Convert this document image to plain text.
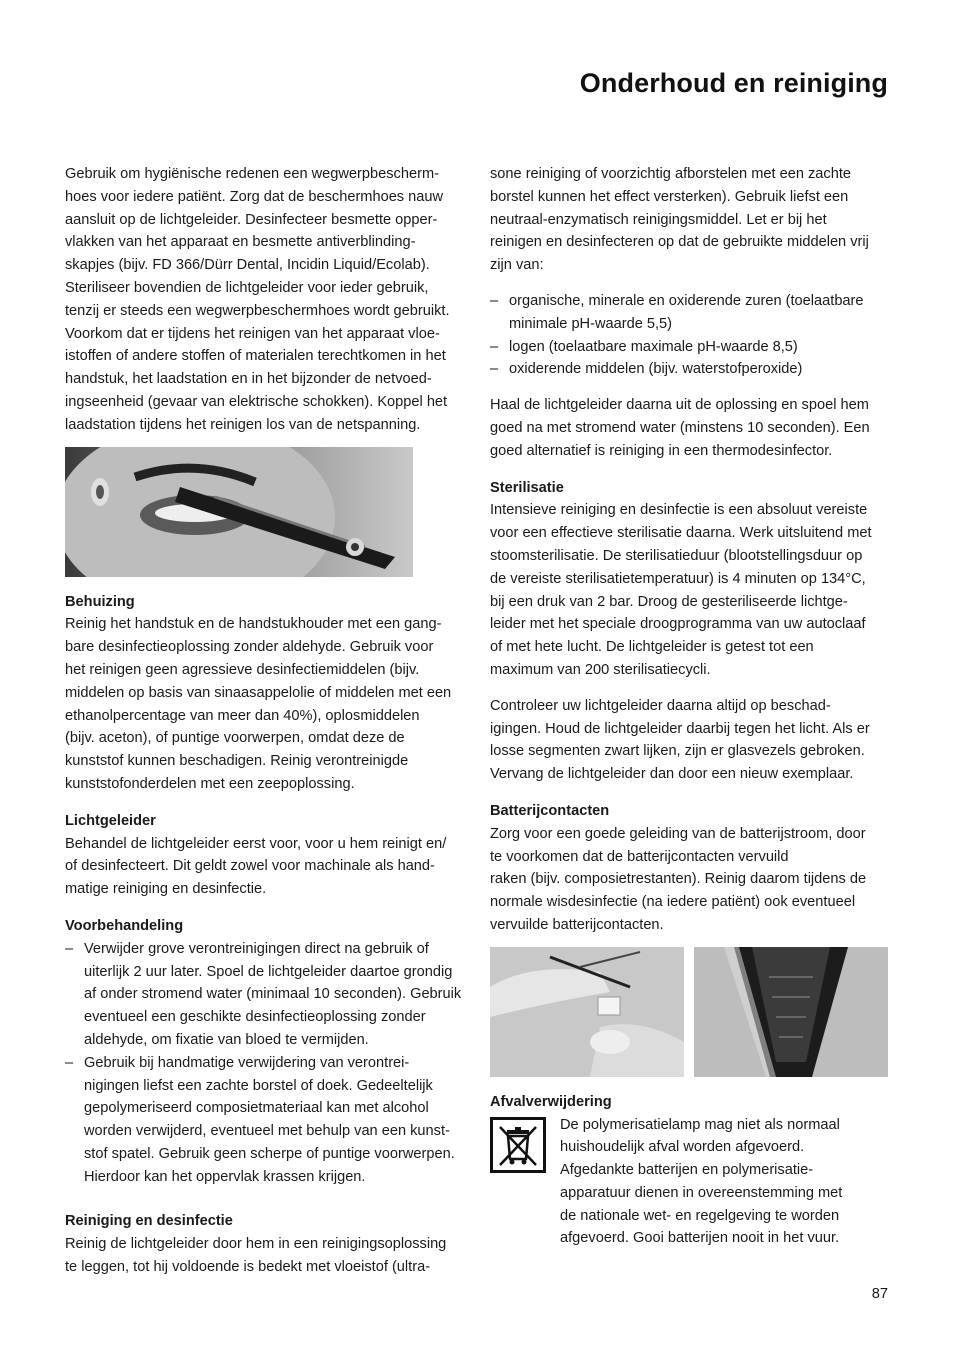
Onderhoud en reiniging

Gebruik om hygiënische redenen een wegwerpbescherm-
hoes voor iedere patiënt. Zorg dat de beschermhoes nauw
aansluit op de lichtgeleider. Desinfecteer besmette opper-
vlakken van het apparaat en besmette antiverblinding-
skapjes (bijv. FD 366/Dürr Dental, Incidin Liquid/Ecolab).
Steriliseer bovendien de lichtgeleider voor ieder gebruik,
tenzij er steeds een wegwerpbeschermhoes wordt gebruikt.
Voorkom dat er tijdens het reinigen van het apparaat vloe-
istoffen of andere stoffen of materialen terechtkomen in het
handstuk, het laadstation en in het bijzonder de netvoed-
ingseenheid (gevaar van elektrische schokken). Koppel het
laadstation tijdens het reinigen los van de netspanning.

Behuizing

Reinig het handstuk en de handstukhouder met een gang-
bare desinfectieoplossing zonder aldehyde. Gebruik voor
het reinigen geen agressieve desinfectiemiddelen (bijv.
middelen op basis van sinaasappelolie of middelen met een
ethanolpercentage van meer dan 40%), oplosmiddelen
(bijv. aceton), of puntige voorwerpen, omdat deze de
kunststof kunnen beschadigen. Reinig verontreinigde
kunststofonderdelen met een zeepoplossing.

Lichtgeleider

Behandel de lichtgeleider eerst voor, voor u hem reinigt en/
of desinfecteert. Dit geldt zowel voor machinale als hand-
matige reiniging en desinfectie.

Voorbehandeling

– Verwijder grove verontreinigingen direct na gebruik of
uiterlijk 2 uur later. Spoel de lichtgeleider daartoe grondig
af onder stromend water (minimaal 10 seconden). Gebruik
eventueel een geschikte desinfectieoplossing zonder
aldehyde, om fixatie van bloed te vermijden.
– Gebruik bij handmatige verwijdering van verontrei-
nigingen liefst een zachte borstel of doek. Gedeeltelijk
gepolymeriseerd composietmateriaal kan met alcohol
worden verwijderd, eventueel met behulp van een kunst-
stof spatel. Gebruik geen scherpe of puntige voorwerpen.
Hierdoor kan het oppervlak krassen krijgen.

Reiniging en desinfectie

Reinig de lichtgeleider door hem in een reinigingsoplossing
te leggen, tot hij voldoende is bedekt met vloeistof (ultra-

sone reiniging of voorzichtig afborstelen met een zachte
borstel kunnen het effect versterken). Gebruik liefst een
neutraal-enzymatisch reinigingsmiddel. Let er bij het
reinigen en desinfecteren op dat de gebruikte middelen vrij
zijn van:

– organische, minerale en oxiderende zuren (toelaatbare
minimale pH-waarde 5,5)
– logen (toelaatbare maximale pH-waarde 8,5)
– oxiderende middelen (bijv. waterstofperoxide)

Haal de lichtgeleider daarna uit de oplossing en spoel hem
goed na met stromend water (minstens 10 seconden). Een
goed alternatief is reiniging in een thermodesinfector.

Sterilisatie

Intensieve reiniging en desinfectie is een absoluut vereiste
voor een effectieve sterilisatie daarna. Werk uitsluitend met
stoomsterilisatie. De sterilisatieduur (blootstellingsduur op
de vereiste sterilisatietemperatuur) is 4 minuten op 134°C,
bij een druk van 2 bar. Droog de gesteriliseerde lichtge-
leider met het speciale droogprogramma van uw autoclaaf
of met hete lucht. De lichtgeleider is getest tot een
maximum van 200 sterilisatiecycli.

Controleer uw lichtgeleider daarna altijd op beschad-
igingen. Houd de lichtgeleider daarbij tegen het licht. Als er
losse segmenten zwart lijken, zijn er glasvezels gebroken.
Vervang de lichtgeleider dan door een nieuw exemplaar.

Batterijcontacten

Zorg voor een goede geleiding van de batterijstroom, door
te voorkomen dat de batterijcontacten vervuild
raken (bijv. composietrestanten). Reinig daarom tijdens de
normale wisdesinfectie (na iedere patiënt) ook eventueel
vervuilde batterijcontacten.

Afvalverwijdering

De polymerisatielamp mag niet als normaal
huishoudelijk afval worden afgevoerd.
Afgedankte batterijen en polymerisatie-
apparatuur dienen in overeenstemming met
de nationale wet- en regelgeving te worden
afgevoerd. Gooi batterijen nooit in het vuur.

87
